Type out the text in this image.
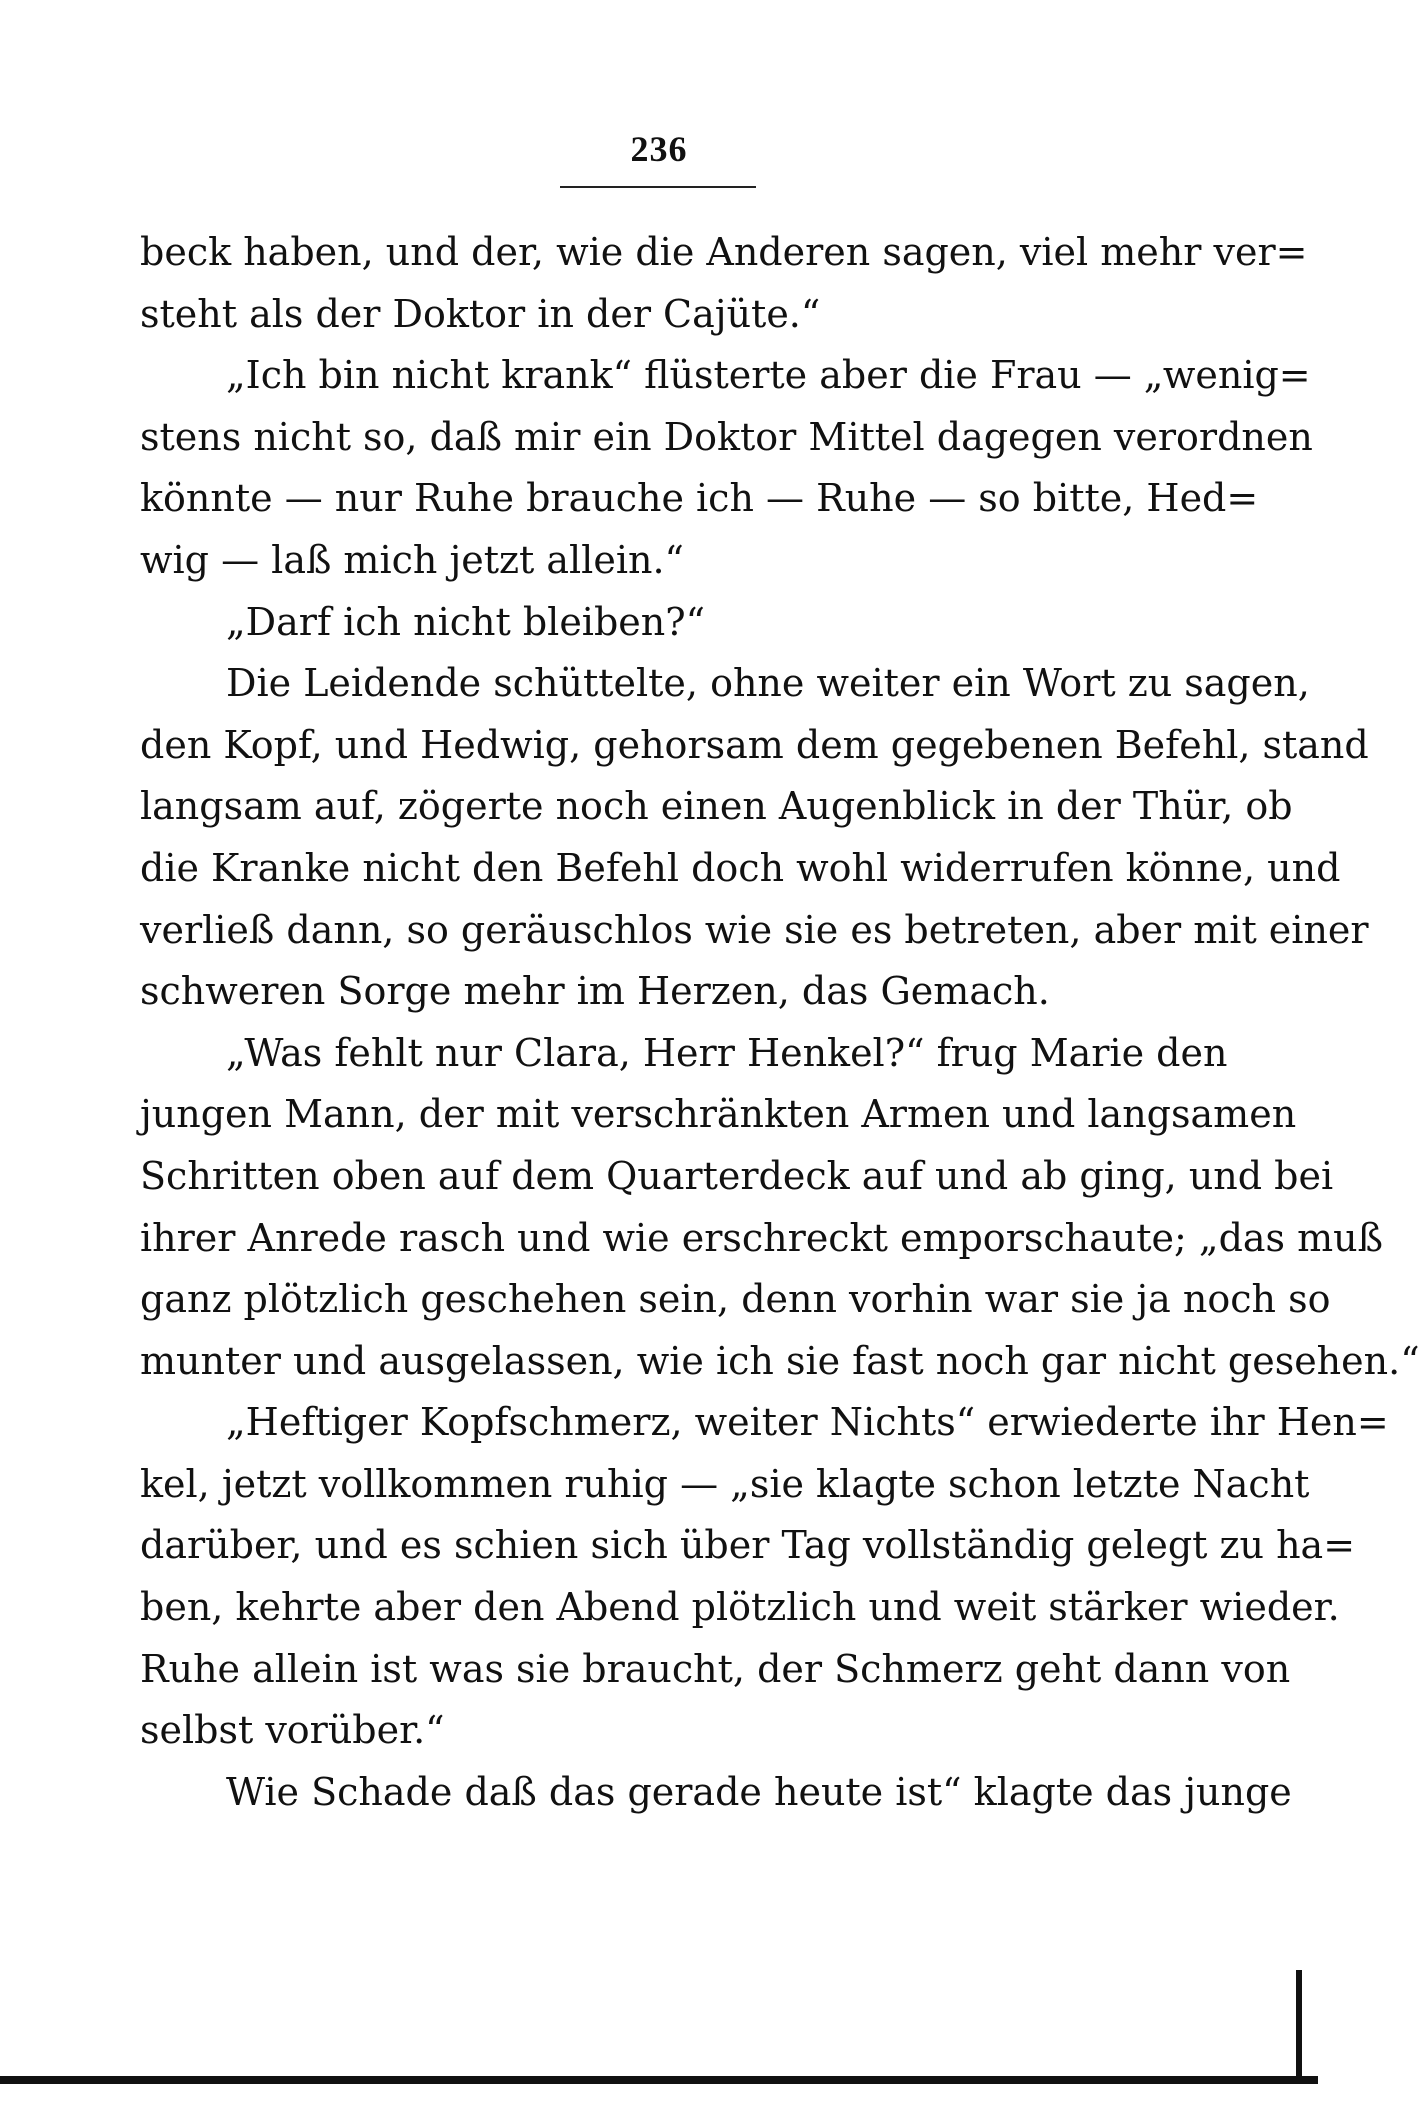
236
beck haben, und der, wie die Anderen sagen, viel mehr ver=
steht als der Doktor in der Cajüte.“
„Ich bin nicht krank“ flüsterte aber die Frau — „wenig=
stens nicht so, daß mir ein Doktor Mittel dagegen verordnen
könnte — nur Ruhe brauche ich — Ruhe — so bitte, Hed=
wig — laß mich jetzt allein.“
„Darf ich nicht bleiben?“
Die Leidende schüttelte, ohne weiter ein Wort zu sagen,
den Kopf, und Hedwig, gehorsam dem gegebenen Befehl, stand
langsam auf, zögerte noch einen Augenblick in der Thür, ob
die Kranke nicht den Befehl doch wohl widerrufen könne, und
verließ dann, so geräuschlos wie sie es betreten, aber mit einer
schweren Sorge mehr im Herzen, das Gemach.
„Was fehlt nur Clara, Herr Henkel?“ frug Marie den
jungen Mann, der mit verschränkten Armen und langsamen
Schritten oben auf dem Quarterdeck auf und ab ging, und bei
ihrer Anrede rasch und wie erschreckt emporschaute; „das muß
ganz plötzlich geschehen sein, denn vorhin war sie ja noch so
munter und ausgelassen, wie ich sie fast noch gar nicht gesehen.“
„Heftiger Kopfschmerz, weiter Nichts“ erwiederte ihr Hen=
kel, jetzt vollkommen ruhig — „sie klagte schon letzte Nacht
darüber, und es schien sich über Tag vollständig gelegt zu ha=
ben, kehrte aber den Abend plötzlich und weit stärker wieder.
Ruhe allein ist was sie braucht, der Schmerz geht dann von
selbst vorüber.“
Wie Schade daß das gerade heute ist“ klagte das junge
